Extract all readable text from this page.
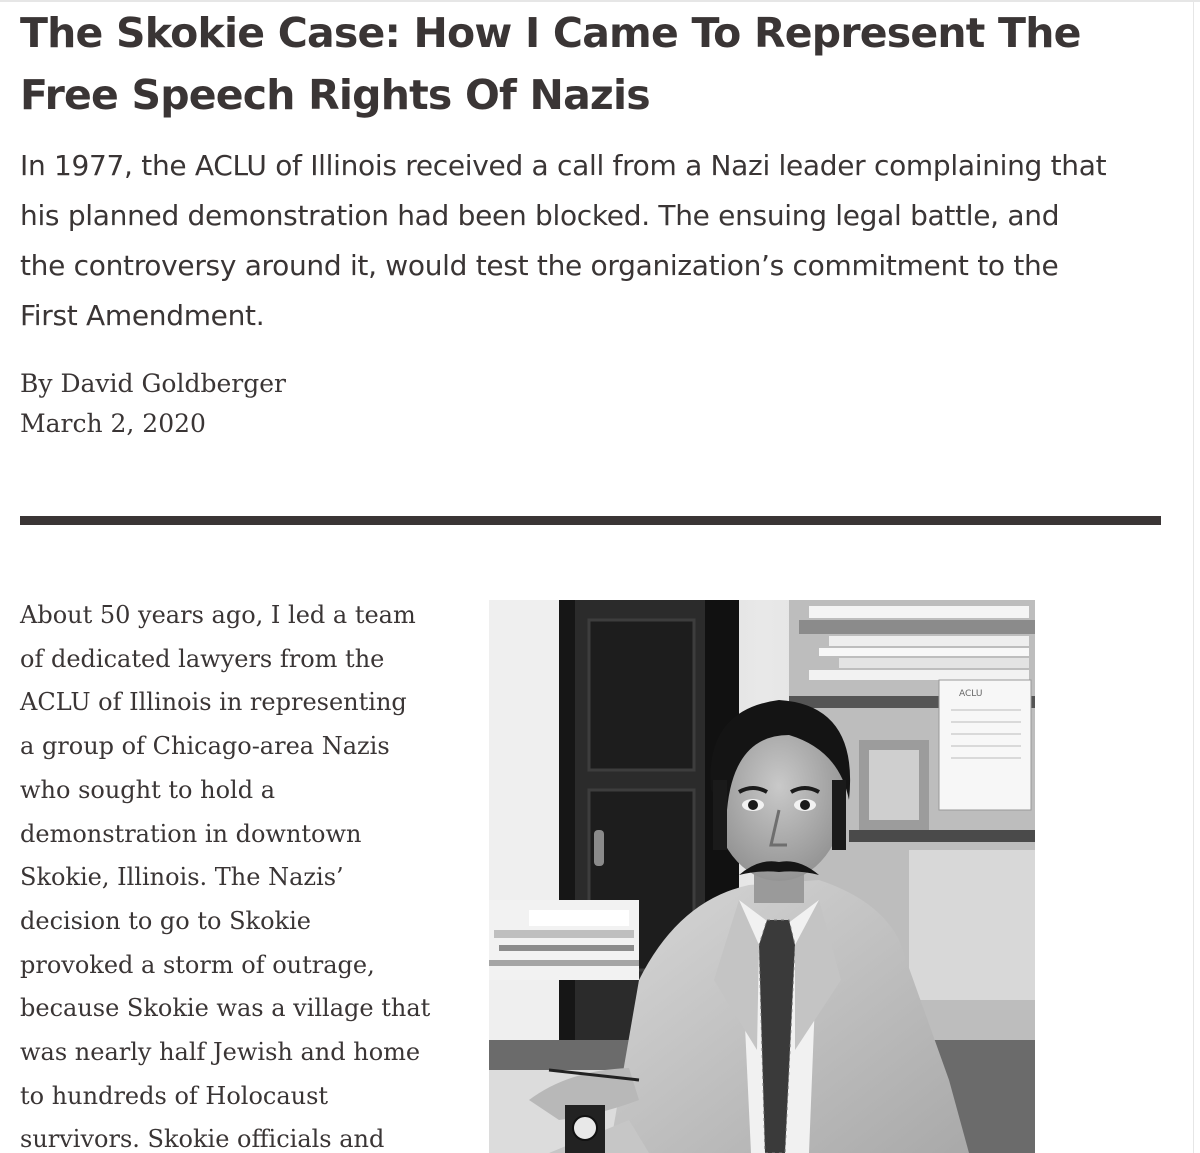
The Skokie Case: How I Came To Represent The Free Speech Rights Of Nazis

In 1977, the ACLU of Illinois received a call from a Nazi leader complaining that his planned demonstration had been blocked. The ensuing legal battle, and the controversy around it, would test the organization’s commitment to the First Amendment.

By David Goldberger

March 2, 2020

About 50 years ago, I led a team
of dedicated lawyers from the
ACLU of Illinois in representing
a group of Chicago-area Nazis
who sought to hold a
demonstration in downtown
Skokie, Illinois. The Nazis’
decision to go to Skokie
provoked a storm of outrage,
because Skokie was a village that
was nearly half Jewish and home
to hundreds of Holocaust
survivors. Skokie officials and
ACLU
